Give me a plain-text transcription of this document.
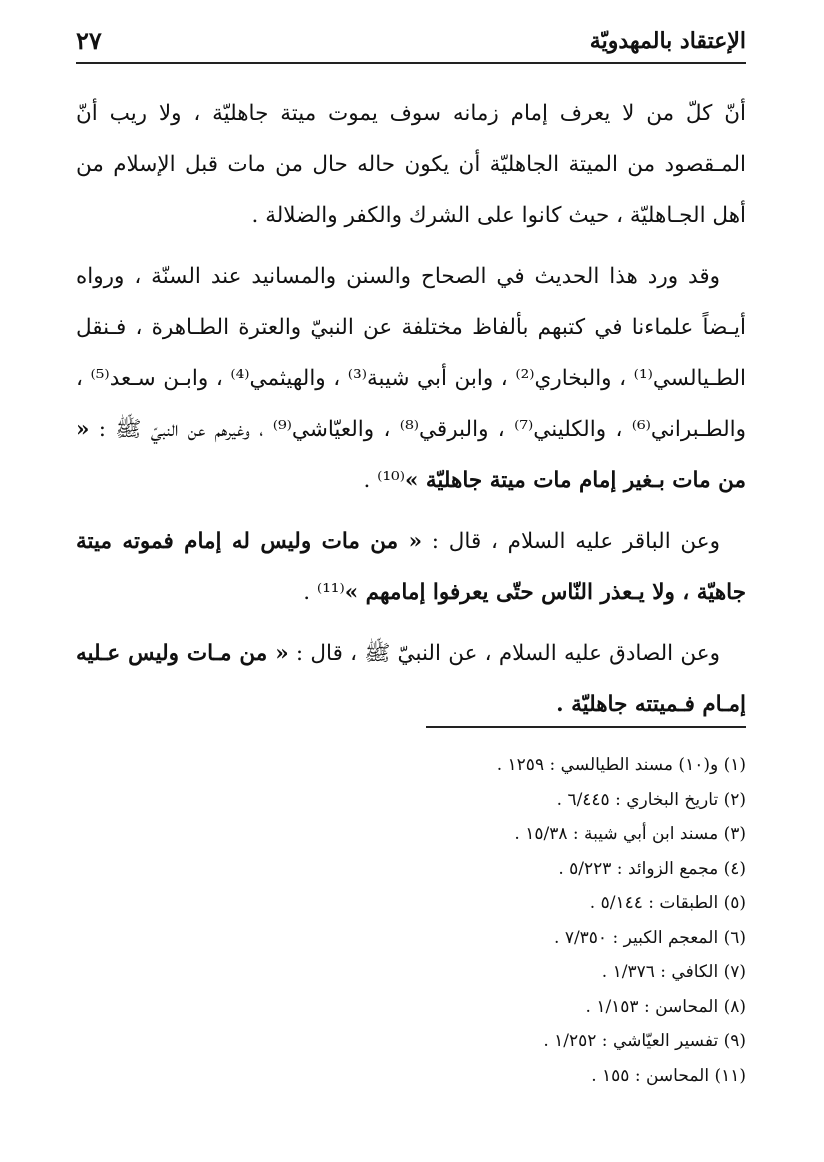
الإعتقاد بالمهدويّة
٢٧

أنّ كلّ من لا يعرف إمام زمانه سوف يموت ميتة جاهليّة ، ولا ريب أنّ المـقصود من الميتة الجاهليّة أن يكون حاله حال من مات قبل الإسلام من أهل الجـاهليّة ، حيث كانوا على الشرك والكفر والضلالة .

وقد ورد هذا الحديث في الصحاح والسنن والمسانيد عند السنّة ، ورواه أيـضاً علماءنا في كتبهم بألفاظ مختلفة عن النبيّ والعترة الطـاهرة ، فـنقل الطـيالسي⁽¹⁾ ، والبخاري⁽²⁾ ، وابن أبي شيبة⁽³⁾ ، والهيثمي⁽⁴⁾ ، وابـن سـعد⁽⁵⁾ ، والطـبراني⁽⁶⁾ ، والكليني⁽⁷⁾ ، والبرقي⁽⁸⁾ ، والعيّاشي⁽⁹⁾ ، وغيرهم عن النبيّ ﷺ : « من مات بـغير إمام مات ميتة جاهليّة »⁽¹⁰⁾ .

وعن الباقر عليه السلام ، قال : « من مات وليس له إمام فموته ميتة جاهيّة ، ولا يـعذر النّاس حتّى يعرفوا إمامهم »⁽¹¹⁾ .

وعن الصادق عليه السلام ، عن النبيّ ﷺ ، قال : « من مـات وليس عـليه إمـام فـميتته جاهليّة .

(١) و(١٠) مسند الطيالسي : ١٢٥٩ .
(٢) تاريخ البخاري : ٦/٤٤٥ .
(٣) مسند ابن أبي شيبة : ١٥/٣٨ .
(٤) مجمع الزوائد : ٥/٢٢٣ .
(٥) الطبقات : ٥/١٤٤ .
(٦) المعجم الكبير : ٧/٣٥٠ .
(٧) الكافي : ١/٣٧٦ .
(٨) المحاسن : ١/١٥٣ .
(٩) تفسير العيّاشي : ١/٢٥٢ .
(١١) المحاسن : ١٥٥ .
